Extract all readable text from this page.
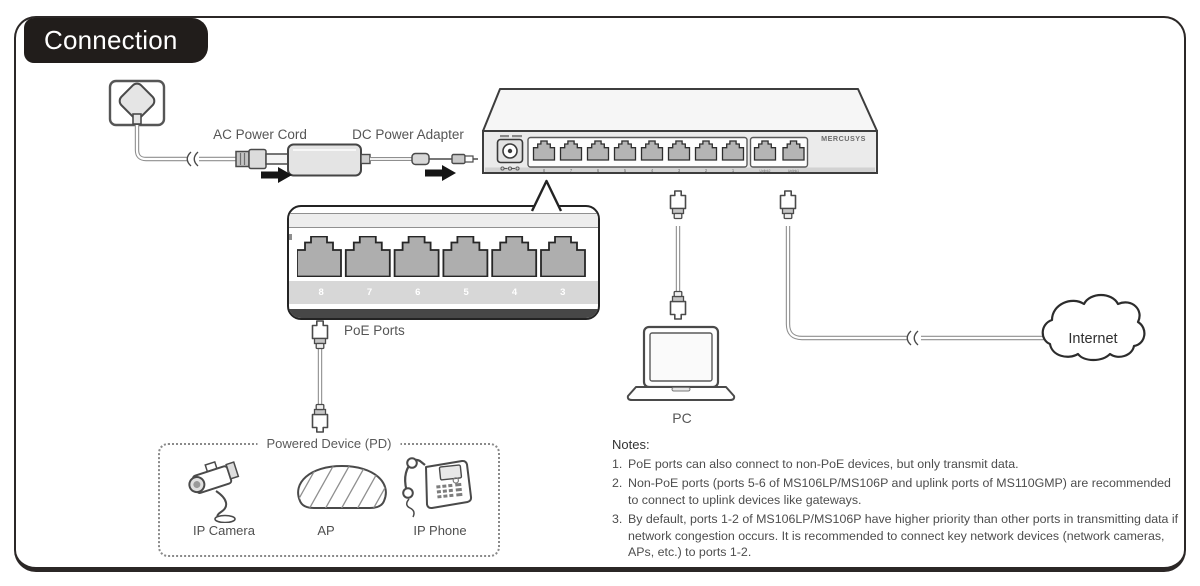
Connection
8	7	6	5	4	3	2	1	Uplink2	Uplink1
MERCUSYS
8	7	6	5	4	3
AC Power Cord	DC Power Adapter
PoE Ports
PC
Internet
Powered Device (PD)
IP Camera	AP	IP Phone
Notes:
1. PoE ports can also connect to non-PoE devices, but only transmit data.
2. Non-PoE ports (ports 5-6 of MS106LP/MS106P and uplink ports of MS110GMP) are recommended to connect to uplink devices like gateways.
3. By default, ports 1-2 of MS106LP/MS106P have higher priority than other ports in transmitting data if network congestion occurs. It is recommended to connect key network devices (network cameras, APs, etc.) to ports 1-2.
